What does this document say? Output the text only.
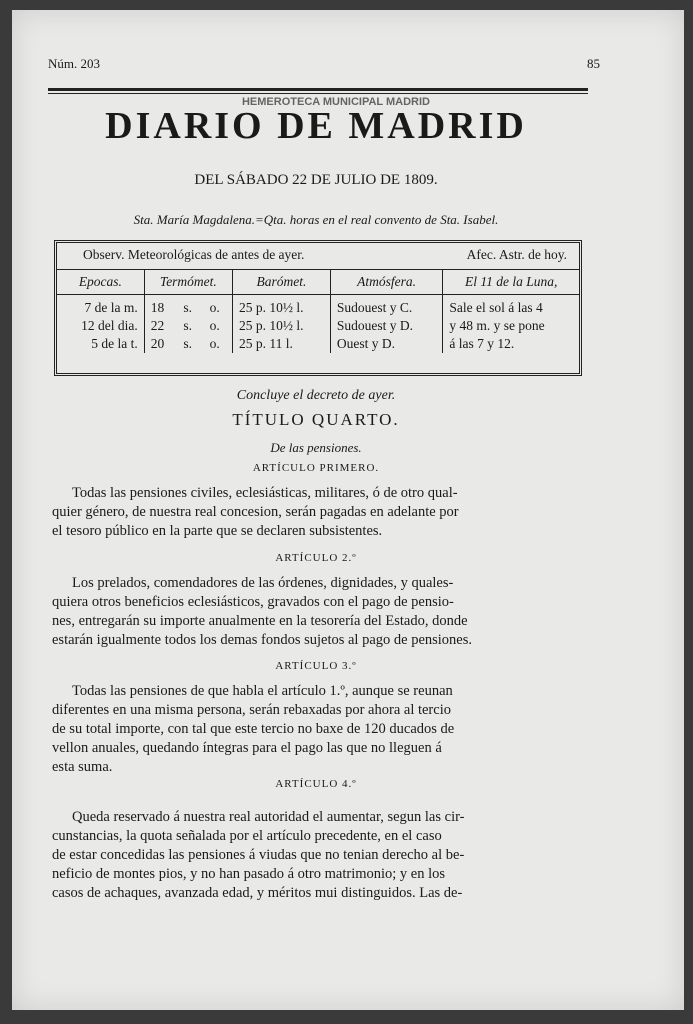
Núm. 203	85
DIARIO DE MADRID
HEMEROTECA MUNICIPAL MADRID
DEL SÁBADO 22 DE JULIO DE 1809.
Sta. María Magdalena.=Qta. horas en el real convento de Sta. Isabel.
Observ. Meteorológicas de antes de ayer.	Afec. Astr. de hoy.
Epocas.	Termómet.			Barómet.	Atmósfera.	El 11 de la Luna,
7 de la m.	18	s.	o.	25 p. 10½ l.	Sudouest y C.	Sale el sol á las 4
12 del dia.	22	s.	o.	25 p. 10½ l.	Sudouest y D.	y 48 m. y se pone
5 de la t.	20	s.	o.	25 p. 11 l.	Ouest y D.	á las 7 y 12.
Concluye el decreto de ayer.
TÍTULO QUARTO.
De las pensiones.
ARTÍCULO PRIMERO.
Todas las pensiones civiles, eclesiásticas, militares, ó de otro qual-
quier género, de nuestra real concesion, serán pagadas en adelante por
el tesoro público en la parte que se declaren subsistentes.
ARTÍCULO 2.º
Los prelados, comendadores de las órdenes, dignidades, y quales-
quiera otros beneficios eclesiásticos, gravados con el pago de pensio-
nes, entregarán su importe anualmente en la tesorería del Estado, donde
estarán igualmente todos los demas fondos sujetos al pago de pensiones.
ARTÍCULO 3.º
Todas las pensiones de que habla el artículo 1.º, aunque se reunan
diferentes en una misma persona, serán rebaxadas por ahora al tercio
de su total importe, con tal que este tercio no baxe de 120 ducados de
vellon anuales, quedando íntegras para el pago las que no lleguen á
esta suma.
ARTÍCULO 4.º
Queda reservado á nuestra real autoridad el aumentar, segun las cir-
cunstancias, la quota señalada por el artículo precedente, en el caso
de estar concedidas las pensiones á viudas que no tenian derecho al be-
neficio de montes pios, y no han pasado á otro matrimonio; y en los
casos de achaques, avanzada edad, y méritos mui distinguidos. Las de-
